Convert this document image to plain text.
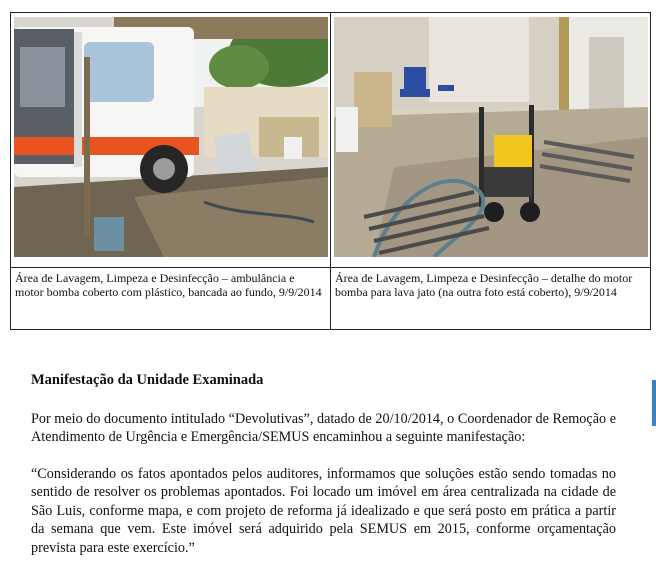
Área de Lavagem, Limpeza e Desinfecção – ambulância e motor bomba coberto com plástico, bancada ao fundo, 9/9/2014	Área de Lavagem, Limpeza e Desinfecção – detalhe do motor bomba para lava jato (na outra foto está coberto), 9/9/2014
Manifestação da Unidade Examinada

Por meio do documento intitulado “Devolutivas”, datado de 20/10/2014, o Coordenador de Remoção e Atendimento de Urgência e Emergência/SEMUS encaminhou a seguinte manifestação:

“Considerando os fatos apontados pelos auditores, informamos que soluções estão sendo tomadas no sentido de resolver os problemas apontados. Foi locado um imóvel em área centralizada na cidade de São Luis, conforme mapa, e com projeto de reforma já idealizado e que será posto em prática a partir da semana que vem. Este imóvel será adquirido pela SEMUS em 2015, conforme orçamentação prevista para este exercício.”
